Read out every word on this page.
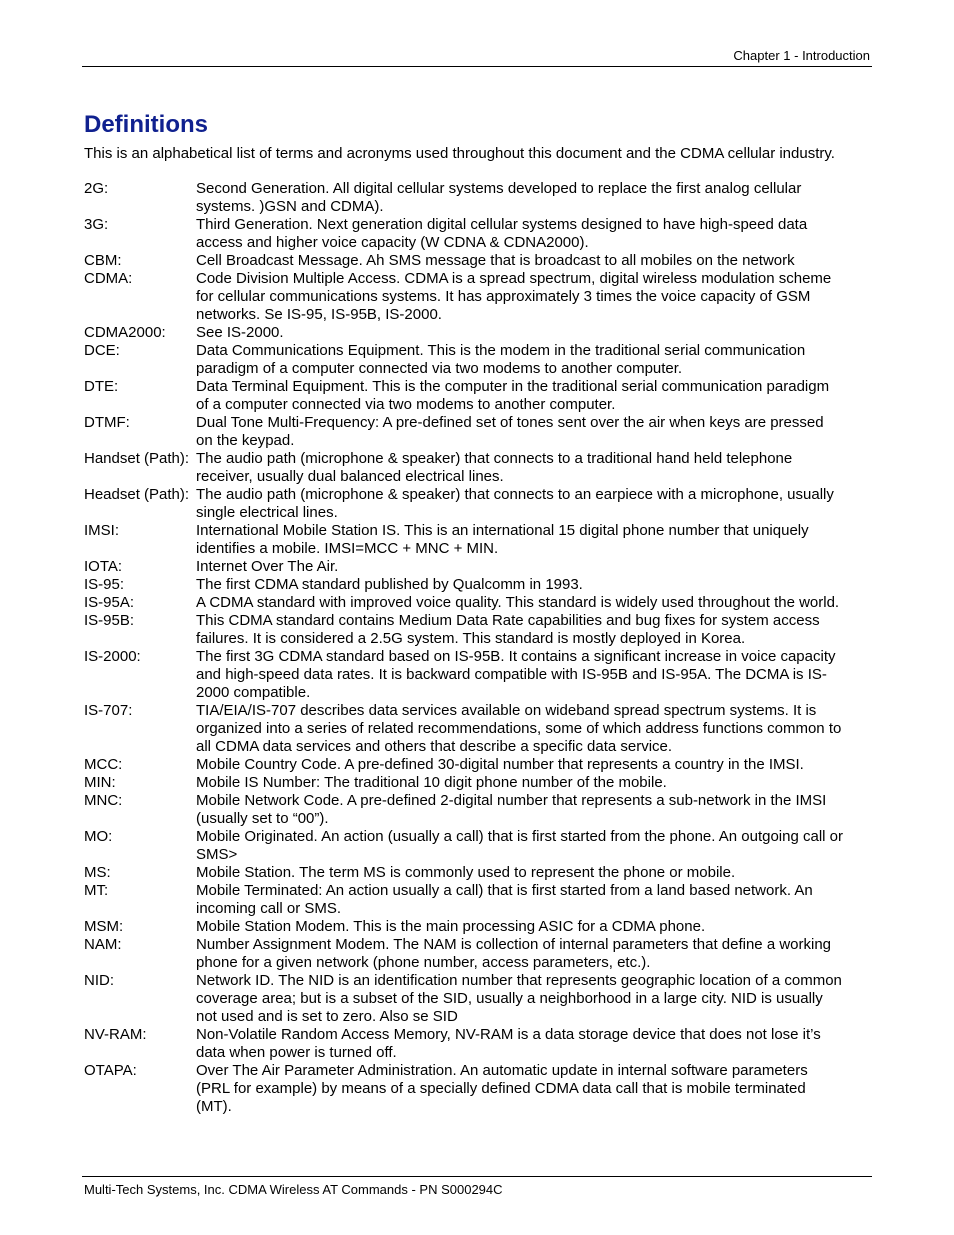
Chapter 1 - Introduction
Definitions

This is an alphabetical list of terms and acronyms used throughout this document and the CDMA cellular industry.

2G:	Second Generation. All digital cellular systems developed to replace the first analog cellular systems. )GSN and CDMA).
3G:	Third Generation. Next generation digital cellular systems designed to have high-speed data access and higher voice capacity (W CDNA & CDNA2000).
CBM:	Cell Broadcast Message. Ah SMS message that is broadcast to all mobiles on the network
CDMA:	Code Division Multiple Access. CDMA is a spread spectrum, digital wireless modulation scheme for cellular communications systems. It has approximately 3 times the voice capacity of GSM networks. Se IS-95, IS-95B, IS-2000.
CDMA2000:	See IS-2000.
DCE:	Data Communications Equipment. This is the modem in the traditional serial communication paradigm of a computer connected via two modems to another computer.
DTE:	Data Terminal Equipment. This is the computer in the traditional serial communication paradigm of a computer connected via two modems to another computer.
DTMF:	Dual Tone Multi-Frequency: A pre-defined set of tones sent over the air when keys are pressed on the keypad.
Handset (Path): The audio path (microphone & speaker) that connects to a traditional hand held telephone receiver, usually dual balanced electrical lines.
Headset (Path): The audio path (microphone & speaker) that connects to an earpiece with a microphone, usually single electrical lines.
IMSI:	International Mobile Station IS. This is an international 15 digital phone number that uniquely identifies a mobile. IMSI=MCC + MNC + MIN.
IOTA:	Internet Over The Air.
IS-95:	The first CDMA standard published by Qualcomm in 1993.
IS-95A:	A CDMA standard with improved voice quality. This standard is widely used throughout the world.
IS-95B:	This CDMA standard contains Medium Data Rate capabilities and bug fixes for system access failures. It is considered a 2.5G system. This standard is mostly deployed in Korea.
IS-2000:	The first 3G CDMA standard based on IS-95B. It contains a significant increase in voice capacity and high-speed data rates. It is backward compatible with IS-95B and IS-95A. The DCMA is IS-2000 compatible.
IS-707:	TIA/EIA/IS-707 describes data services available on wideband spread spectrum systems. It is organized into a series of related recommendations, some of which address functions common to all CDMA data services and others that describe a specific data service.
MCC:	Mobile Country Code. A pre-defined 30-digital number that represents a country in the IMSI.
MIN:	Mobile IS Number: The traditional 10 digit phone number of the mobile.
MNC:	Mobile Network Code. A pre-defined 2-digital number that represents a sub-network in the IMSI (usually set to “00”).
MO:	Mobile Originated. An action (usually a call) that is first started from the phone. An outgoing call or SMS>
MS:	Mobile Station. The term MS is commonly used to represent the phone or mobile.
MT:	Mobile Terminated: An action usually a call) that is first started from a land based network. An incoming call or SMS.
MSM:	Mobile Station Modem. This is the main processing ASIC for a CDMA phone.
NAM:	Number Assignment Modem. The NAM is collection of internal parameters that define a working phone for a given network (phone number, access parameters, etc.).
NID:	Network ID. The NID is an identification number that represents geographic location of a common coverage area; but is a subset of the SID, usually a neighborhood in a large city. NID is usually not used and is set to zero. Also se SID
NV-RAM:	Non-Volatile Random Access Memory, NV-RAM is a data storage device that does not lose it’s data when power is turned off.
OTAPA:	Over The Air Parameter Administration. An automatic update in internal software parameters (PRL for example) by means of a specially defined CDMA data call that is mobile terminated (MT).
Multi-Tech Systems, Inc. CDMA Wireless AT Commands - PN S000294C
